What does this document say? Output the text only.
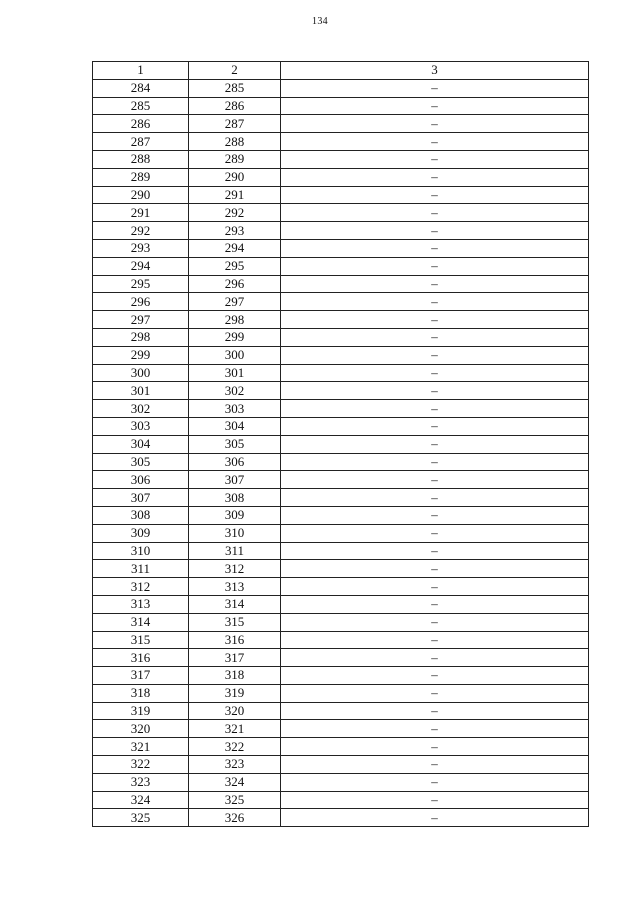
134
1	2	3
284	285	–
285	286	–
286	287	–
287	288	–
288	289	–
289	290	–
290	291	–
291	292	–
292	293	–
293	294	–
294	295	–
295	296	–
296	297	–
297	298	–
298	299	–
299	300	–
300	301	–
301	302	–
302	303	–
303	304	–
304	305	–
305	306	–
306	307	–
307	308	–
308	309	–
309	310	–
310	311	–
311	312	–
312	313	–
313	314	–
314	315	–
315	316	–
316	317	–
317	318	–
318	319	–
319	320	–
320	321	–
321	322	–
322	323	–
323	324	–
324	325	–
325	326	–
